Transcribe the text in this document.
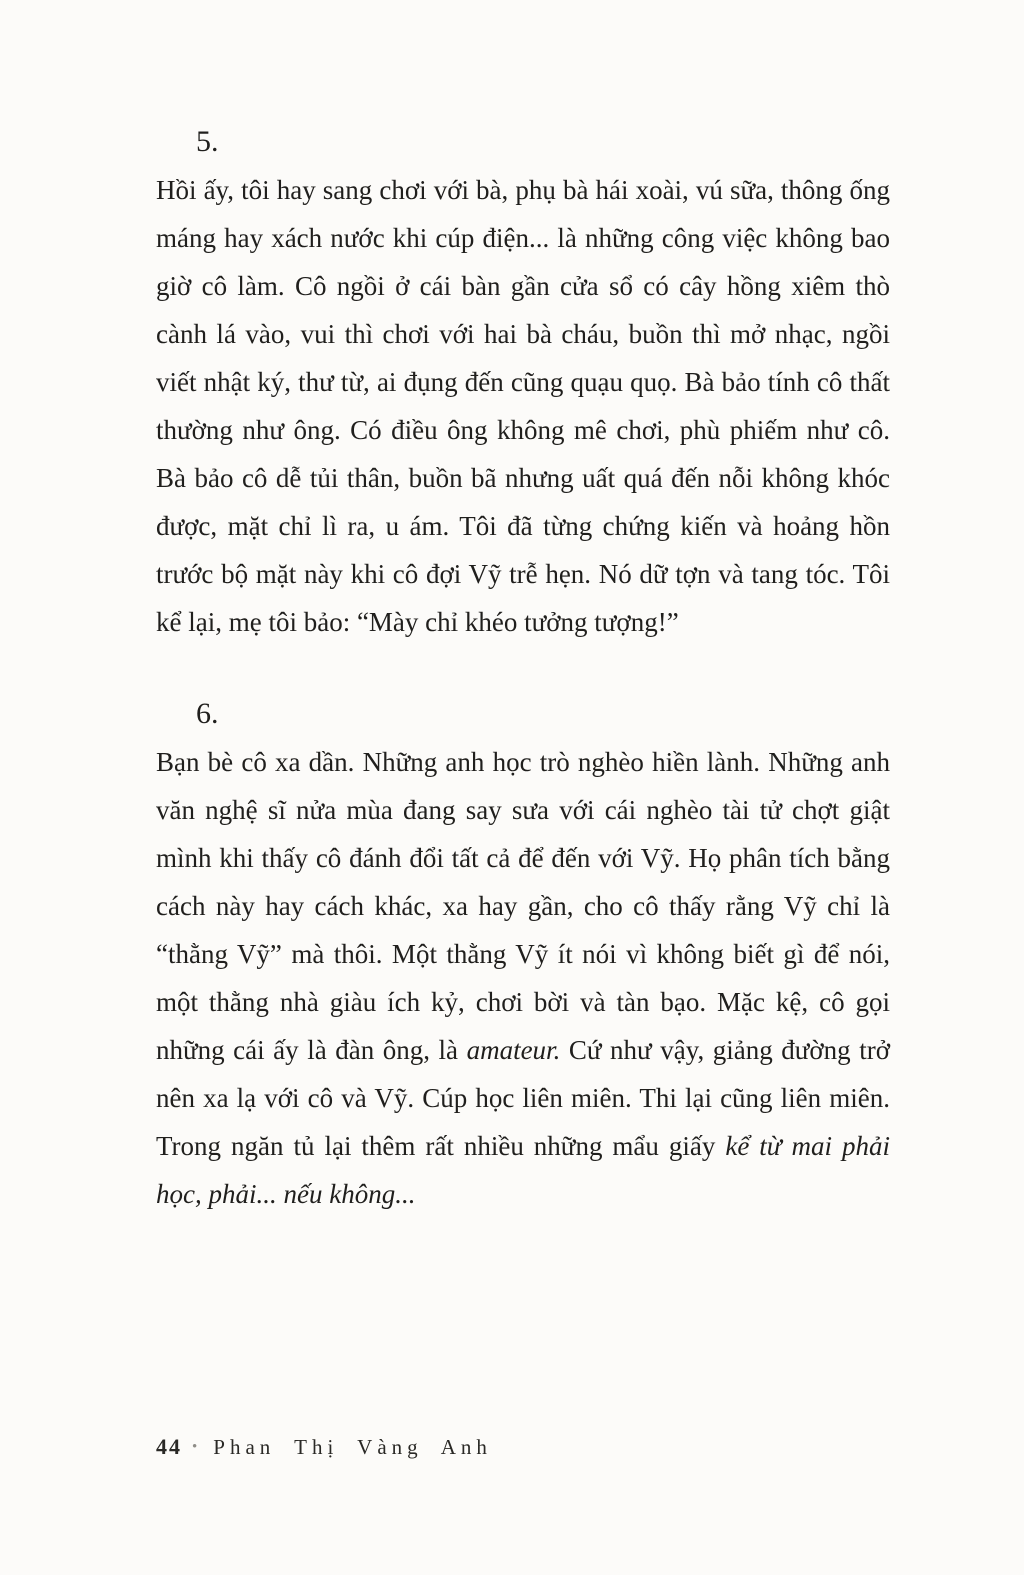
5.

Hồi ấy, tôi hay sang chơi với bà, phụ bà hái xoài, vú sữa, thông ống máng hay xách nước khi cúp điện... là những công việc không bao giờ cô làm. Cô ngồi ở cái bàn gần cửa sổ có cây hồng xiêm thò cành lá vào, vui thì chơi với hai bà cháu, buồn thì mở nhạc, ngồi viết nhật ký, thư từ, ai đụng đến cũng quạu quọ. Bà bảo tính cô thất thường như ông. Có điều ông không mê chơi, phù phiếm như cô. Bà bảo cô dễ tủi thân, buồn bã nhưng uất quá đến nỗi không khóc được, mặt chỉ lì ra, u ám. Tôi đã từng chứng kiến và hoảng hồn trước bộ mặt này khi cô đợi Vỹ trễ hẹn. Nó dữ tợn và tang tóc. Tôi kể lại, mẹ tôi bảo: “Mày chỉ khéo tưởng tượng!”

6.

Bạn bè cô xa dần. Những anh học trò nghèo hiền lành. Những anh văn nghệ sĩ nửa mùa đang say sưa với cái nghèo tài tử chợt giật mình khi thấy cô đánh đổi tất cả để đến với Vỹ. Họ phân tích bằng cách này hay cách khác, xa hay gần, cho cô thấy rằng Vỹ chỉ là “thằng Vỹ” mà thôi. Một thằng Vỹ ít nói vì không biết gì để nói, một thằng nhà giàu ích kỷ, chơi bời và tàn bạo. Mặc kệ, cô gọi những cái ấy là đàn ông, là amateur. Cứ như vậy, giảng đường trở nên xa lạ với cô và Vỹ. Cúp học liên miên. Thi lại cũng liên miên. Trong ngăn tủ lại thêm rất nhiều những mẩu giấy kể từ mai phải học, phải... nếu không...

44 • Phan Thị Vàng Anh
